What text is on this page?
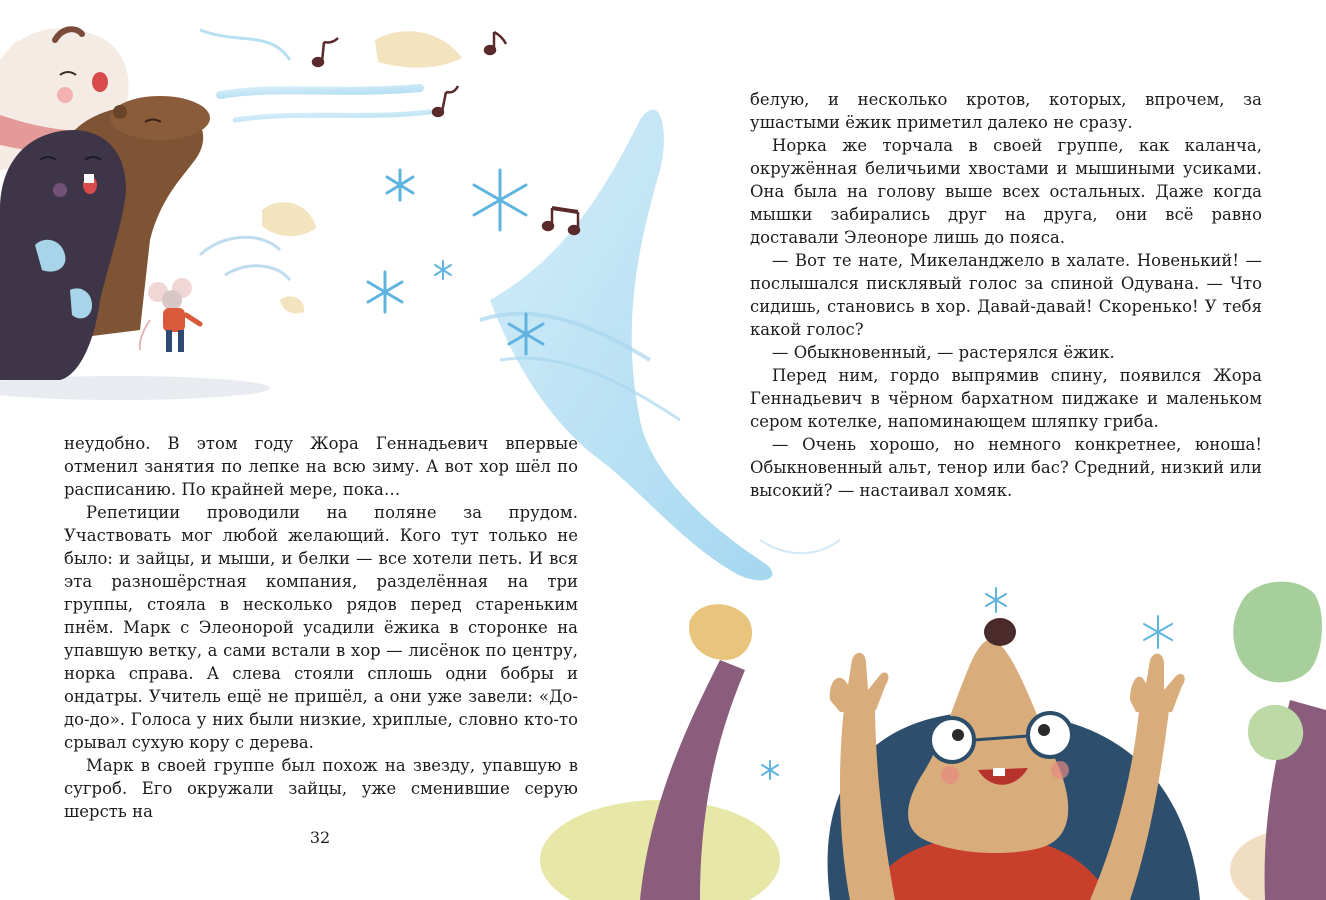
неудобно. В этом году Жора Геннадьевич впервые отменил занятия по лепке на всю зиму. А вот хор шёл по расписанию. По крайней мере, пока…

Репетиции проводили на поляне за прудом. Участвовать мог любой желающий. Кого тут только не было: и зайцы, и мыши, и белки — все хотели петь. И вся эта разношёрстная компания, разделённая на три группы, стояла в несколько рядов перед стареньким пнём. Марк с Элеонорой усадили ёжика в сторонке на упавшую ветку, а сами встали в хор — лисёнок по центру, норка справа. А слева стояли сплошь одни бобры и ондатры. Учитель ещё не пришёл, а они уже завели: «До-до-до». Голоса у них были низкие, хриплые, словно кто-то срывал сухую кору с дерева.

Марк в своей группе был похож на звезду, упавшую в сугроб. Его окружали зайцы, уже сменившие серую шерсть на

32

белую, и несколько кротов, которых, впрочем, за ушастыми ёжик приметил далеко не сразу.

Норка же торчала в своей группе, как каланча, окружённая беличьими хвостами и мышиными усиками. Она была на голову выше всех остальных. Даже когда мышки забирались друг на друга, они всё равно доставали Элеоноре лишь до пояса.

— Вот те нате, Микеланджело в халате. Новенький! — послышался писклявый голос за спиной Одувана. — Что сидишь, становись в хор. Давай-давай! Скоренько! У тебя какой голос?

— Обыкновенный, — растерялся ёжик.

Перед ним, гордо выпрямив спину, появился Жора Геннадьевич в чёрном бархатном пиджаке и маленьком сером котелке, напоминающем шляпку гриба.

— Очень хорошо, но немного конкретнее, юноша! Обыкновенный альт, тенор или бас? Средний, низкий или высокий? — настаивал хомяк.
